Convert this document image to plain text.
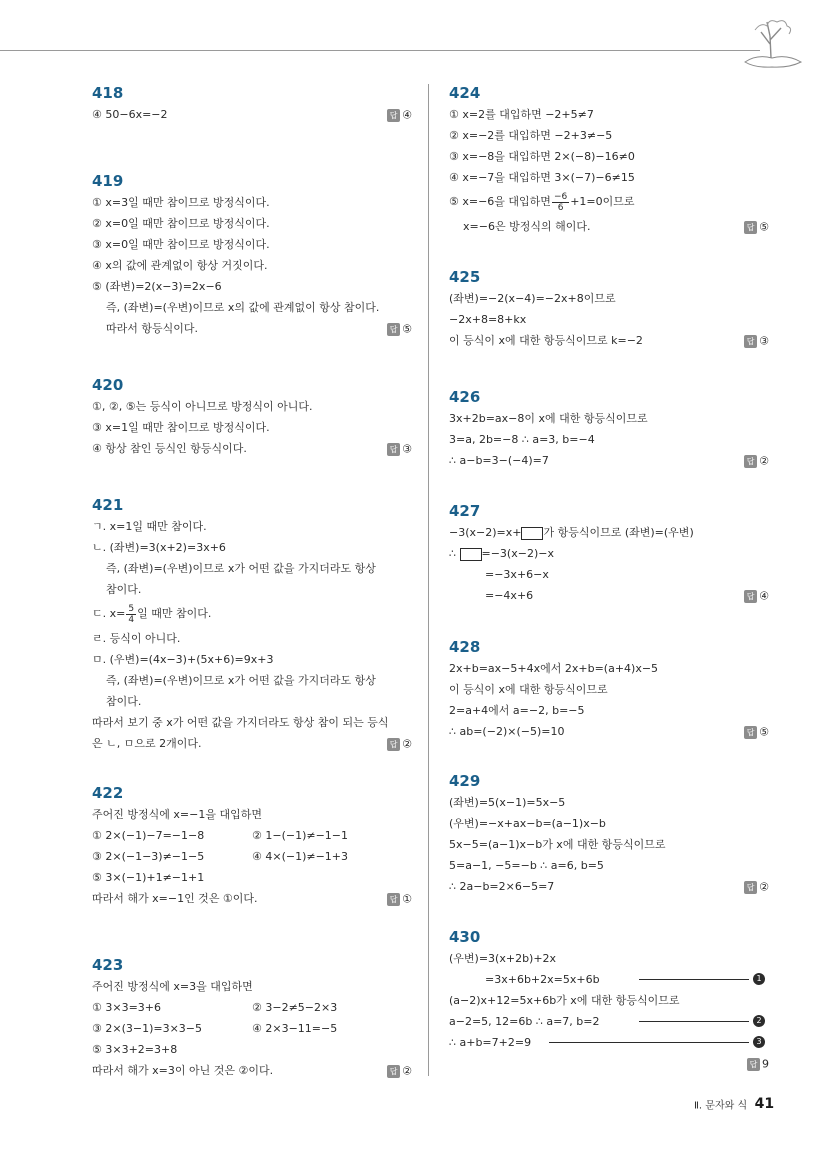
418
④ 50−6x=−2	답 ④
419
① x=3일 때만 참이므로 방정식이다.
② x=0일 때만 참이므로 방정식이다.
③ x=0일 때만 참이므로 방정식이다.
④ x의 값에 관계없이 항상 거짓이다.
⑤ (좌변)=2(x−3)=2x−6
즉, (좌변)=(우변)이므로 x의 값에 관계없이 항상 참이다.
따라서 항등식이다.	답 ⑤
420
①, ②, ⑤는 등식이 아니므로 방정식이 아니다.
③ x=1일 때만 참이므로 방정식이다.
④ 항상 참인 등식인 항등식이다.	답 ③
421
ㄱ. x=1일 때만 참이다.
ㄴ. (좌변)=3(x+2)=3x+6
즉, (좌변)=(우변)이므로 x가 어떤 값을 가지더라도 항상
참이다.
ㄷ. $x= \frac{5}{4}$ 일 때만 참이다.
ㄹ. 등식이 아니다.
ㅁ. (우변)=(4x−3)+(5x+6)=9x+3
즉, (좌변)=(우변)이므로 x가 어떤 값을 가지더라도 항상
참이다.
따라서 보기 중 x가 어떤 값을 가지더라도 항상 참이 되는 등식
은 ㄴ, ㅁ으로 2개이다.	답 ②
422
주어진 방정식에 x=−1을 대입하면
① 2×(−1)−7=−1−8	② 1−(−1)≠−1−1
③ 2×(−1−3)≠−1−5	④ 4×(−1)≠−1+3
⑤ 3×(−1)+1≠−1+1
따라서 해가 x=−1인 것은 ①이다.	답 ①
423
주어진 방정식에 x=3을 대입하면
① 3×3=3+6	② 3−2≠5−2×3
③ 2×(3−1)=3×3−5	④ 2×3−11=−5
⑤ 3×3+2=3+8
따라서 해가 x=3이 아닌 것은 ②이다.	답 ②
424
① x=2를 대입하면 −2+5≠7
② x=−2를 대입하면 −2+3≠−5
③ x=−8을 대입하면 2×(−8)−16≠0
④ x=−7을 대입하면 3×(−7)−6≠15
⑤ x=−6을 대입하면 $\frac{-6}{6} +1=0$이므로
x=−6은 방정식의 해이다.	답 ⑤
425
(좌변)=−2(x−4)=−2x+8이므로
−2x+8=8+kx
이 등식이 x에 대한 항등식이므로 k=−2	답 ③
426
3x+2b=ax−8이 x에 대한 항등식이므로
3=a, 2b=−8 ∴ a=3, b=−4
∴ a−b=3−(−4)=7	답 ②
427
−3(x−2)=x+ 가 항등식이므로 (좌변)=(우변)
∴ =−3(x−2)−x
=−3x+6−x
=−4x+6	답 ④
428
2x+b=ax−5+4x에서 2x+b=(a+4)x−5
이 등식이 x에 대한 항등식이므로
2=a+4에서 a=−2, b=−5
∴ ab=(−2)×(−5)=10	답 ⑤
429
(좌변)=5(x−1)=5x−5
(우변)=−x+ax−b=(a−1)x−b
5x−5=(a−1)x−b가 x에 대한 항등식이므로
5=a−1, −5=−b ∴ a=6, b=5
∴ 2a−b=2×6−5=7	답 ②
430
(우변)=3(x+2b)+2x
=3x+6b+2x=5x+6b	1
(a−2)x+12=5x+6b가 x에 대한 항등식이므로
a−2=5, 12=6b ∴ a=7, b=2	2
∴ a+b=7+2=9	3
답 9
Ⅱ. 문자와 식 41
